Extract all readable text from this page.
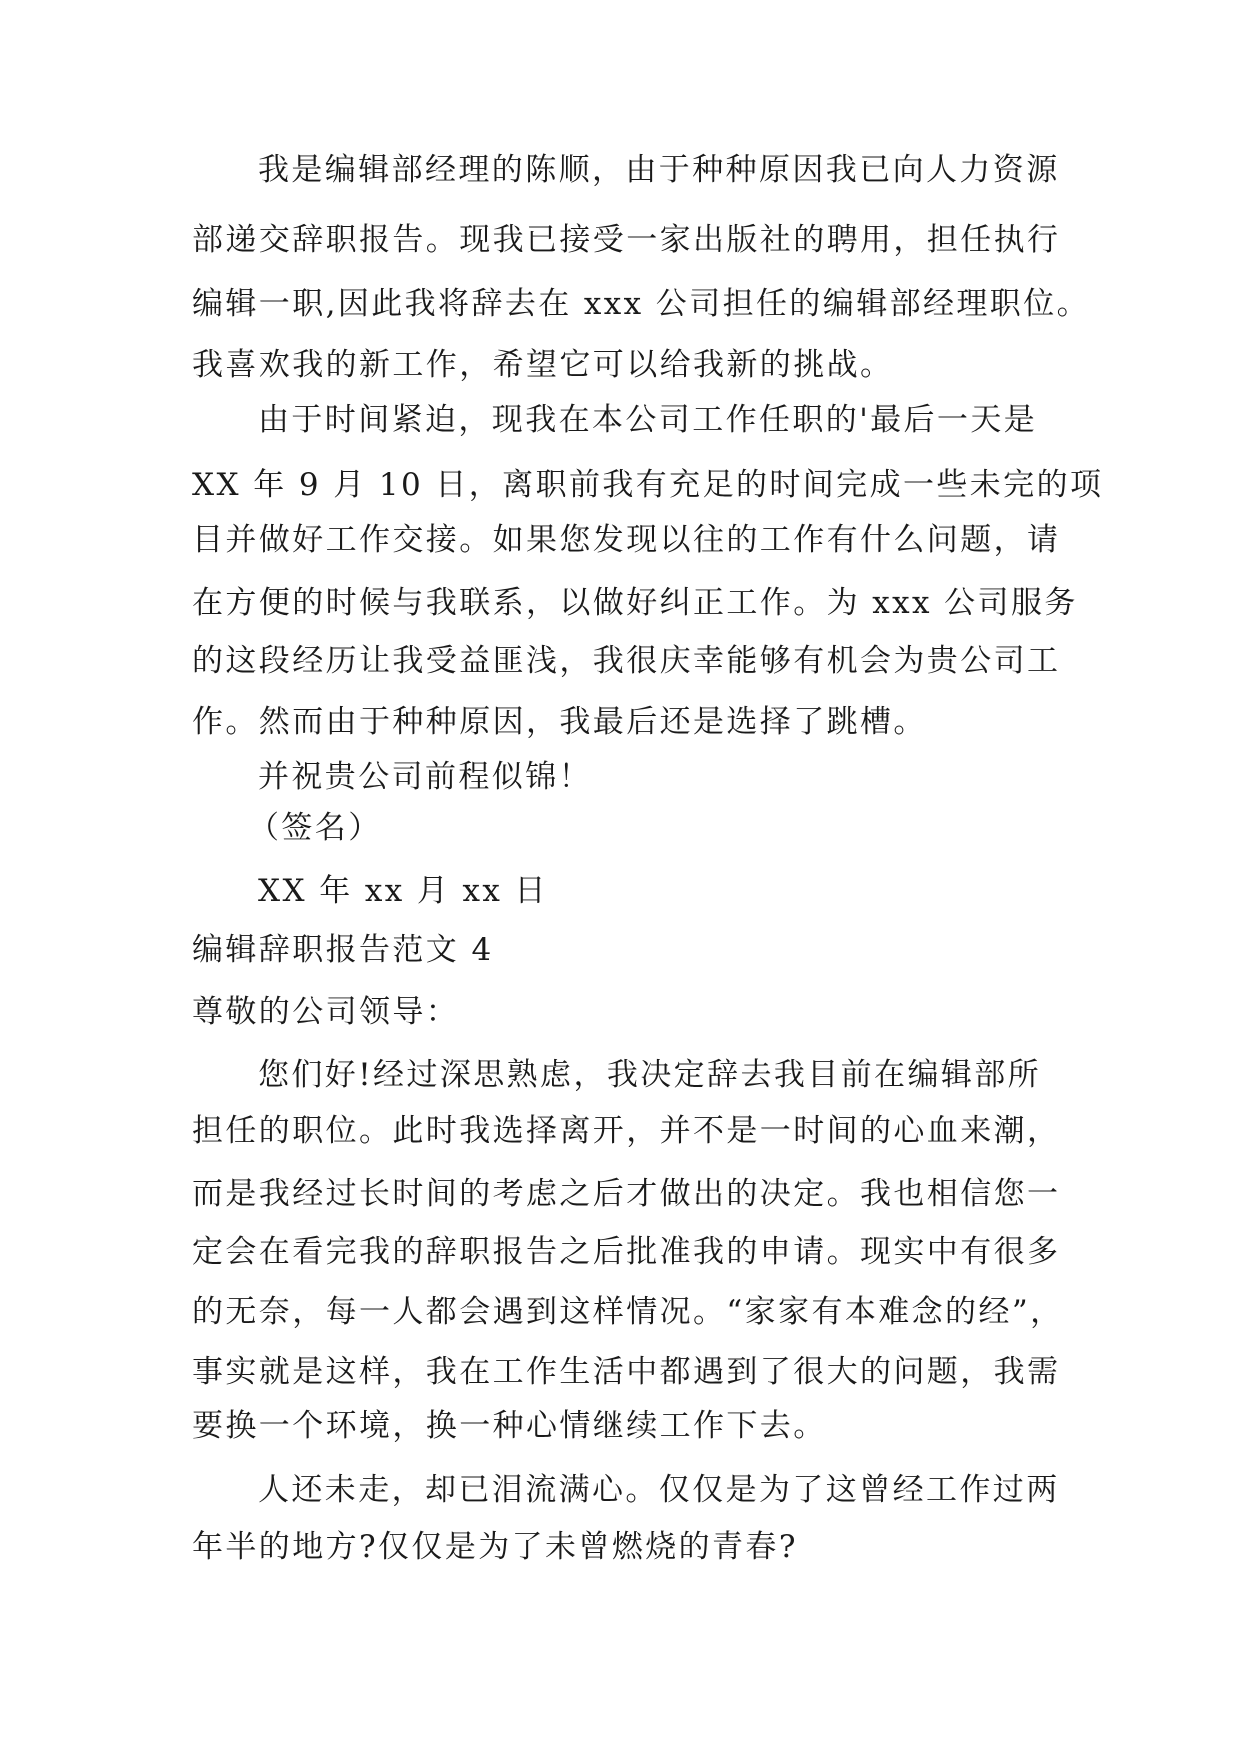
我是编辑部经理的陈顺，由于种种原因我已向人力资源
部递交辞职报告。现我已接受一家出版社的聘用，担任执行
编辑一职,因此我将辞去在 xxx 公司担任的编辑部经理职位。
我喜欢我的新工作，希望它可以给我新的挑战。
由于时间紧迫，现我在本公司工作任职的'最后一天是
XX 年 9 月 10 日，离职前我有充足的时间完成一些未完的项
目并做好工作交接。如果您发现以往的工作有什么问题，请
在方便的时候与我联系，以做好纠正工作。为 xxx 公司服务
的这段经历让我受益匪浅，我很庆幸能够有机会为贵公司工
作。然而由于种种原因，我最后还是选择了跳槽。
并祝贵公司前程似锦！
（签名）
XX 年 xx 月 xx 日
编辑辞职报告范文 4
尊敬的公司领导：
您们好!经过深思熟虑，我决定辞去我目前在编辑部所
担任的职位。此时我选择离开，并不是一时间的心血来潮，
而是我经过长时间的考虑之后才做出的决定。我也相信您一
定会在看完我的辞职报告之后批准我的申请。现实中有很多
的无奈，每一人都会遇到这样情况。“家家有本难念的经”，
事实就是这样，我在工作生活中都遇到了很大的问题，我需
要换一个环境，换一种心情继续工作下去。
人还未走，却已泪流满心。仅仅是为了这曾经工作过两
年半的地方?仅仅是为了未曾燃烧的青春?
